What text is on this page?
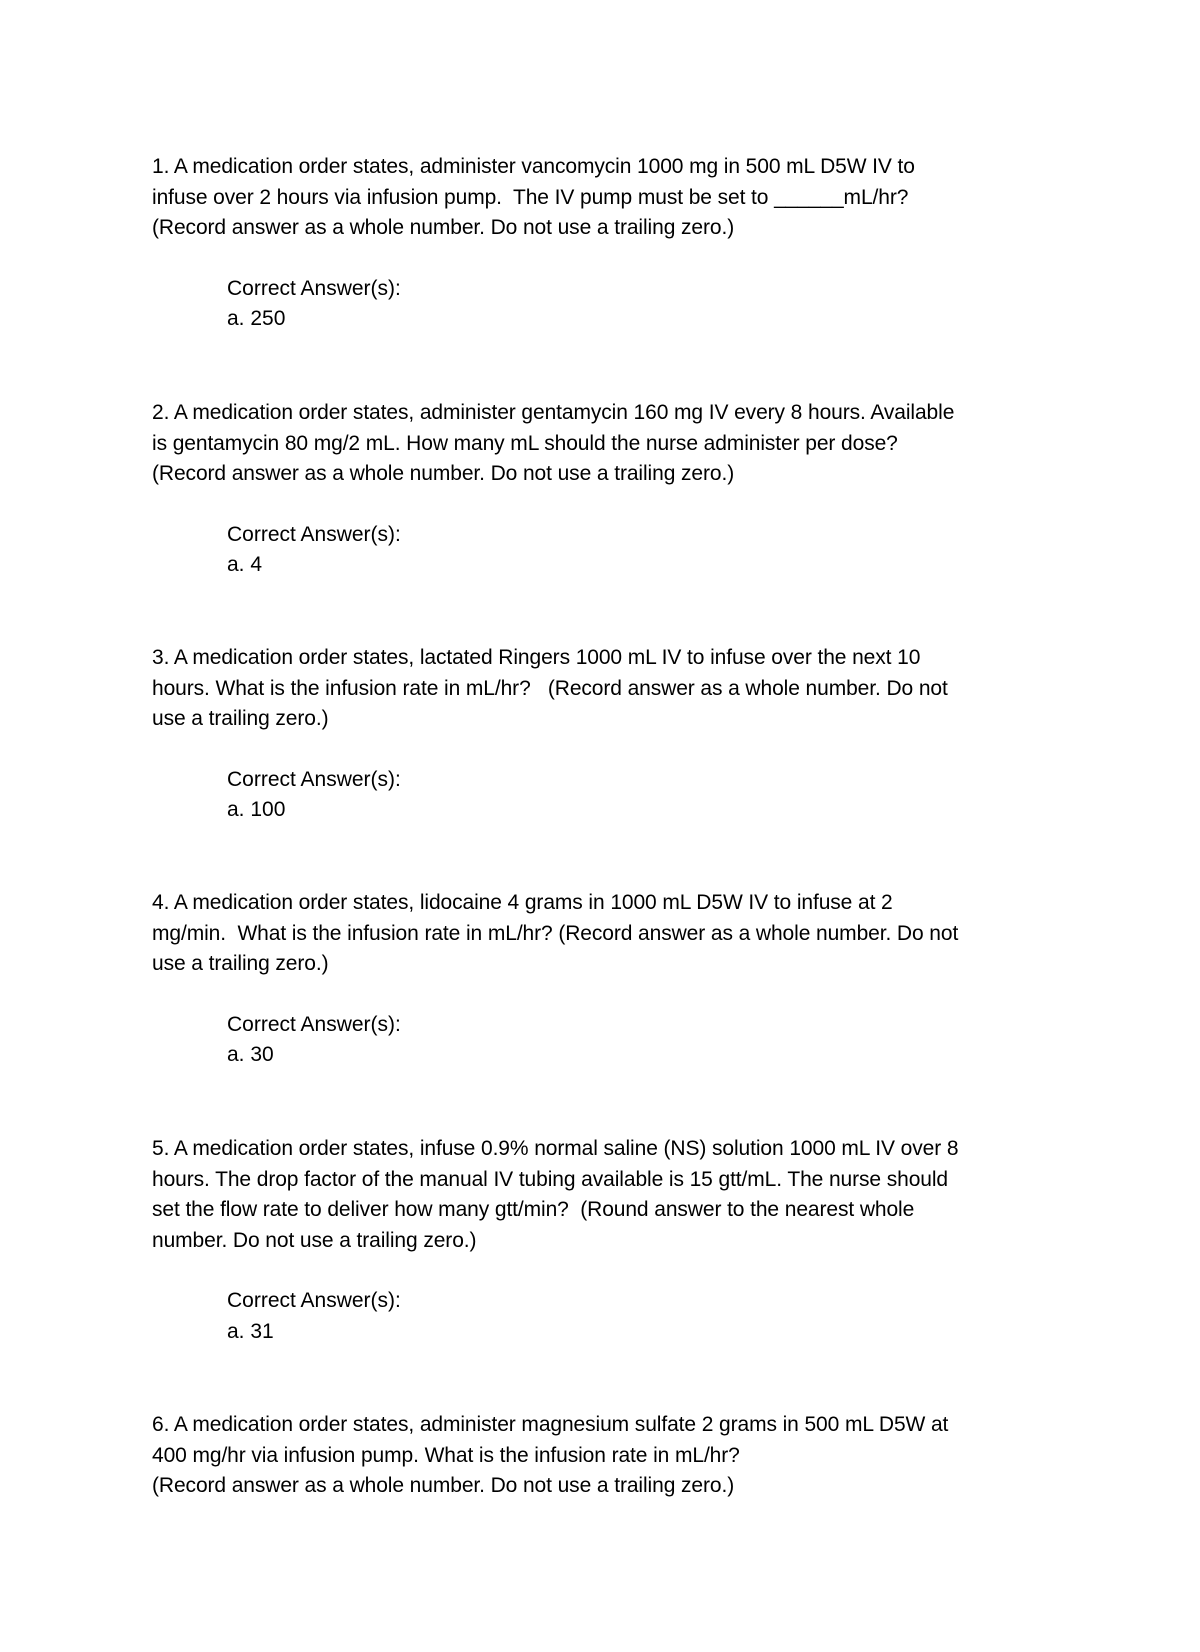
1. A medication order states, administer vancomycin 1000 mg in 500 mL D5W IV to
infuse over 2 hours via infusion pump.  The IV pump must be set to ______mL/hr?
(Record answer as a whole number. Do not use a trailing zero.)
Correct Answer(s):
a. 250
2. A medication order states, administer gentamycin 160 mg IV every 8 hours. Available
is gentamycin 80 mg/2 mL. How many mL should the nurse administer per dose?
(Record answer as a whole number. Do not use a trailing zero.)
Correct Answer(s):
a. 4
3. A medication order states, lactated Ringers 1000 mL IV to infuse over the next 10
hours. What is the infusion rate in mL/hr?   (Record answer as a whole number. Do not
use a trailing zero.)
Correct Answer(s):
a. 100
4. A medication order states, lidocaine 4 grams in 1000 mL D5W IV to infuse at 2
mg/min.  What is the infusion rate in mL/hr? (Record answer as a whole number. Do not
use a trailing zero.)
Correct Answer(s):
a. 30
5. A medication order states, infuse 0.9% normal saline (NS) solution 1000 mL IV over 8
hours. The drop factor of the manual IV tubing available is 15 gtt/mL. The nurse should
set the flow rate to deliver how many gtt/min?  (Round answer to the nearest whole
number. Do not use a trailing zero.)
Correct Answer(s):
a. 31
6. A medication order states, administer magnesium sulfate 2 grams in 500 mL D5W at
400 mg/hr via infusion pump. What is the infusion rate in mL/hr?
(Record answer as a whole number. Do not use a trailing zero.)
